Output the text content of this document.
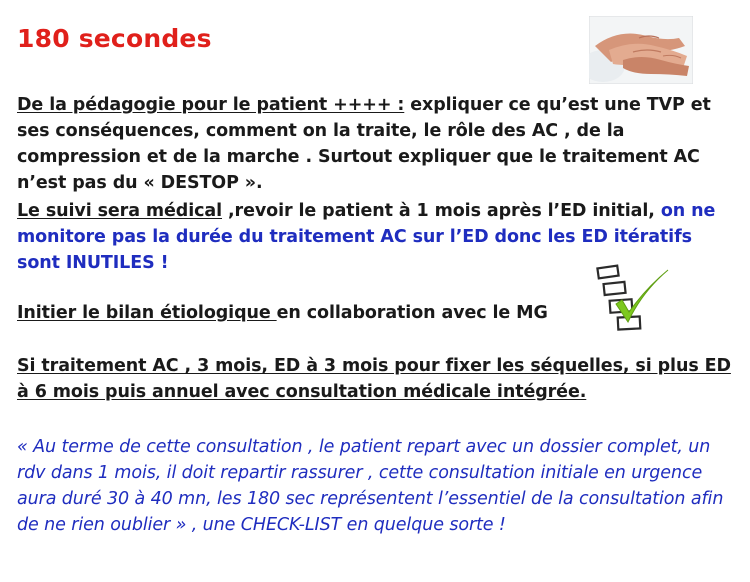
180 secondes

De la pédagogie pour le patient ++++ : expliquer ce qu’est une TVP et ses conséquences, comment on la traite, le rôle des AC , de la compression et de la marche . Surtout expliquer que le traitement AC n’est pas du « DESTOP ».

Le suivi sera médical ,revoir le patient à 1 mois après l’ED initial, on ne monitore pas la durée du traitement AC sur l’ED donc les ED itératifs sont INUTILES !

Initier le bilan étiologique en collaboration avec le MG

Si traitement AC , 3 mois, ED à 3 mois pour fixer les séquelles, si plus ED à 6 mois puis annuel avec consultation médicale intégrée.

« Au terme de cette consultation , le patient repart avec un dossier complet, un rdv dans 1 mois, il doit repartir rassurer , cette consultation initiale en urgence aura duré 30 à 40 mn, les 180 sec représentent l’essentiel de la consultation afin de ne rien oublier » , une CHECK-LIST en quelque sorte !
